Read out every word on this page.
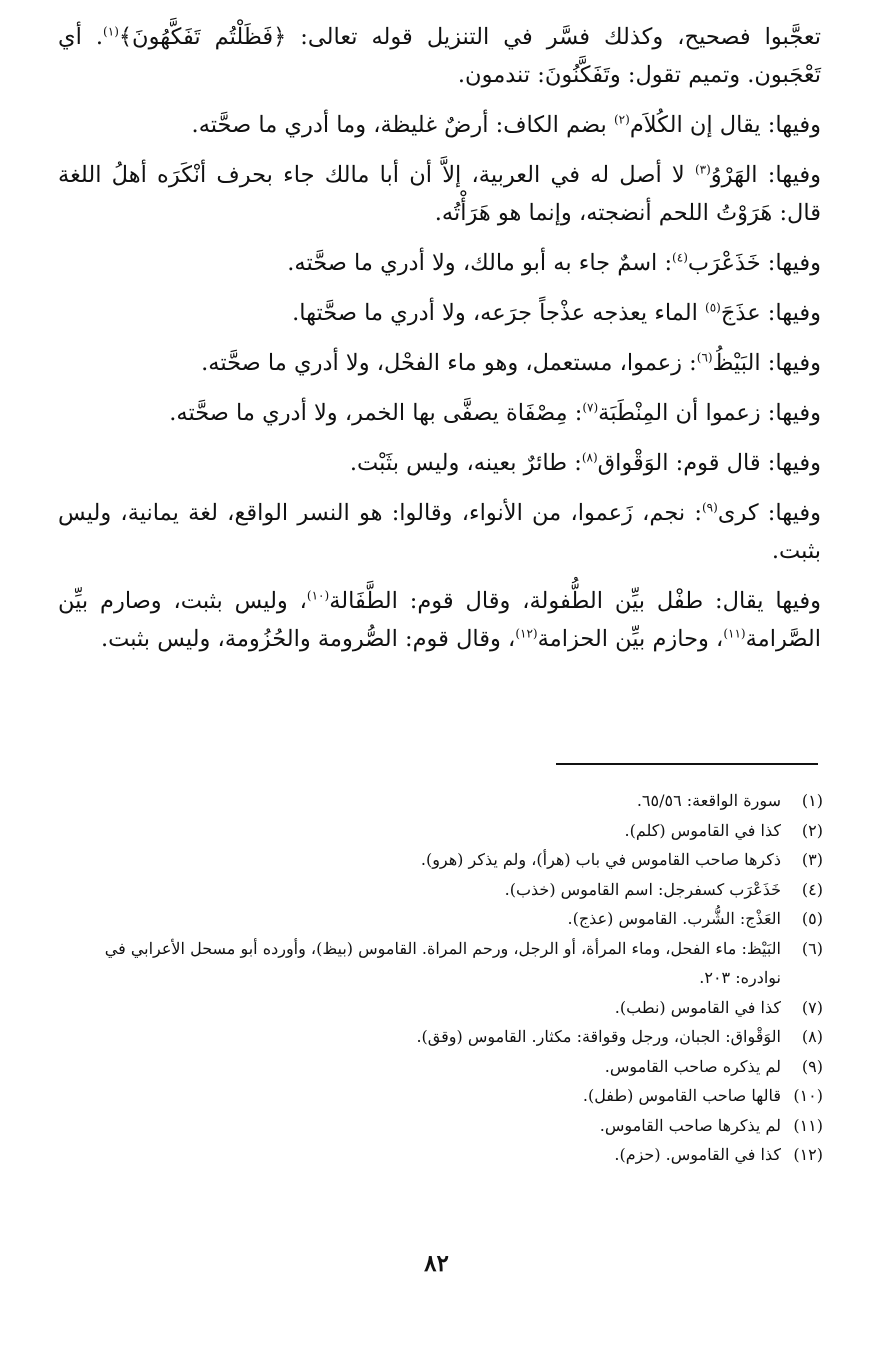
تعجَّبوا فصحيح، وكذلك فسَّر في التنزيل قوله تعالى: ﴿فَظَلْتُم تَفَكَّهُونَ﴾$^{(١)}$. أي تَعْجَبون. وتميم تقول: وتَفَكَّنُونَ: تندمون.

وفيها: يقال إن الكُلاَم$^{(٢)}$ بضم الكاف: أرضٌ غليظة، وما أدري ما صحَّته.

وفيها: الهَرْوُ$^{(٣)}$ لا أصل له في العربية، إلاَّ أن أبا مالك جاء بحرف أنْكَرَه أهلُ اللغة قال: هَرَوْتُ اللحم أنضجته، وإنما هو هَرَأْتُه.

وفيها: خَذَعْرَب$^{(٤)}$: اسمٌ جاء به أبو مالك، ولا أدري ما صحَّته.

وفيها: عذَجَ$^{(٥)}$ الماء يعذجه عذْجاً جرَعه، ولا أدري ما صحَّتها.

وفيها: البَيْظُ$^{(٦)}$: زعموا، مستعمل، وهو ماء الفحْل، ولا أدري ما صحَّته.

وفيها: زعموا أن المِنْطَبَة$^{(٧)}$: مِصْفَاة يصفَّى بها الخمر، ولا أدري ما صحَّته.

وفيها: قال قوم: الوَقْواق$^{(٨)}$: طائرٌ بعينه، وليس بثَبْت.

وفيها: كرى$^{(٩)}$: نجم، زَعموا، من الأنواء، وقالوا: هو النسر الواقع، لغة يمانية، وليس بثبت.

وفيها يقال: طفْل بيِّن الطُّفولة، وقال قوم: الطَّفَالة$^{(١٠)}$، وليس بثبت، وصارم بيِّن الصَّرامة$^{(١١)}$، وحازم بيِّن الحزامة$^{(١٢)}$، وقال قوم: الصُّرومة والحُزُومة، وليس بثبت.

(١)
سورة الواقعة: ٦٥/٥٦.
(٢)
كذا في القاموس (كلم).
(٣)
ذكرها صاحب القاموس في باب (هرأ)، ولم يذكر (هرو).
(٤)
خَذَعْرَب كسفرجل: اسم القاموس (خذب).
(٥)
العَذْج: الشُّرب. القاموس (عذج).
(٦)
البَيْظ: ماء الفحل، وماء المرأة، أو الرجل، ورحم المراة. القاموس (بيظ)، وأورده أبو مسحل الأعرابي في نوادره: ٢٠٣.
(٧)
كذا في القاموس (نطب).
(٨)
الوَقْواق: الجبان، ورجل وقواقة: مكثار. القاموس (وقق).
(٩)
لم يذكره صاحب القاموس.
(١٠)
قالها صاحب القاموس (طفل).
(١١)
لم يذكرها صاحب القاموس.
(١٢)
كذا في القاموس. (حزم).
٨٢
